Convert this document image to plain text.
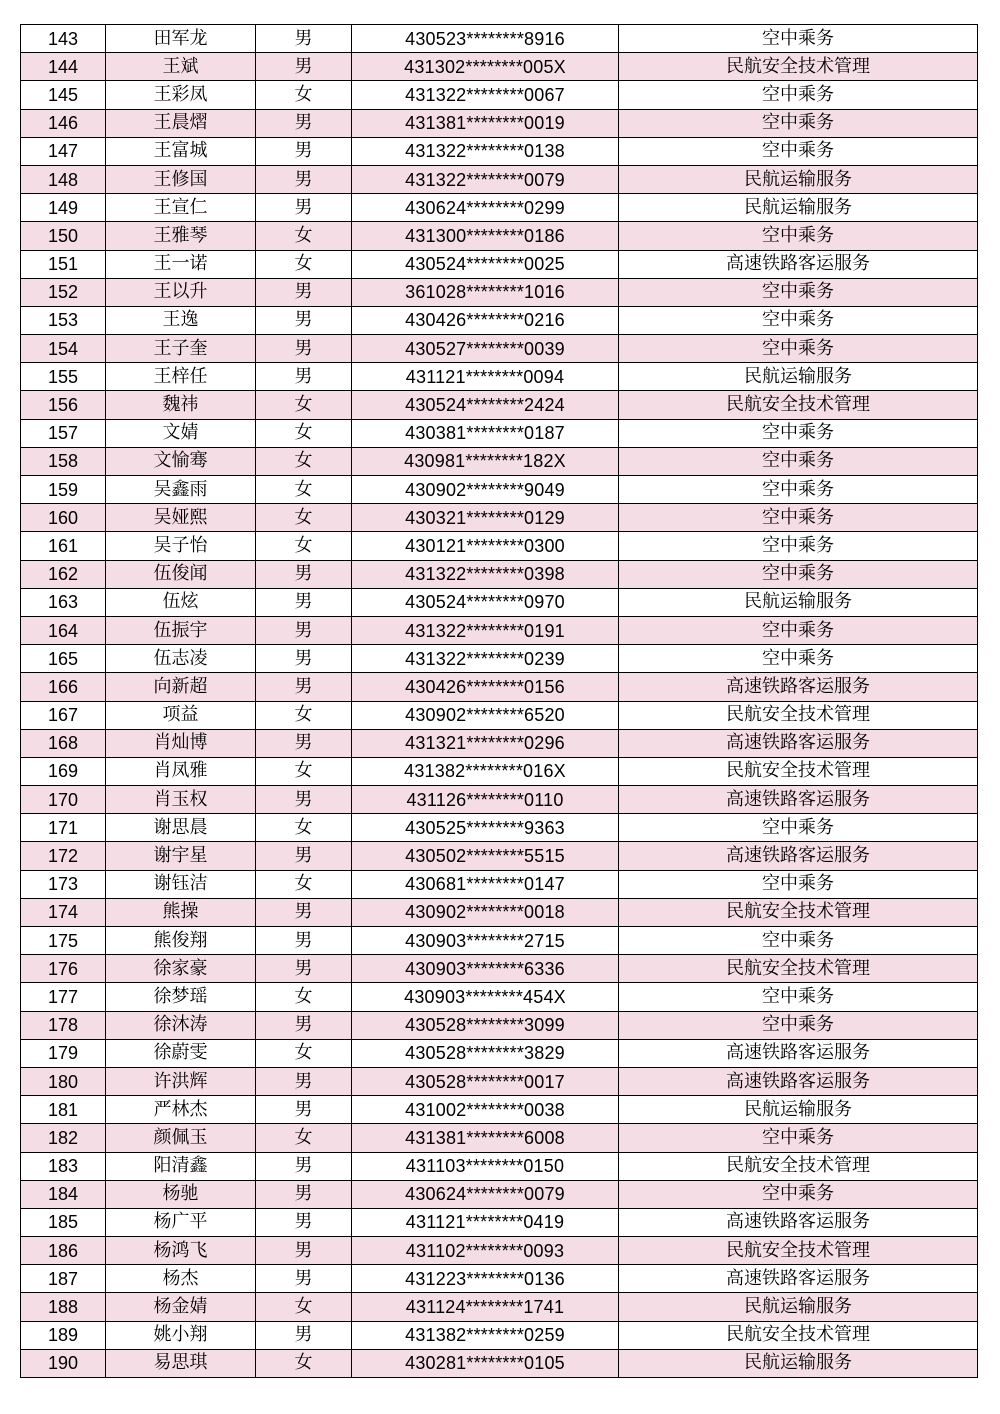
143	田军龙	男	430523********8916	空中乘务
144	王斌	男	431302********005X	民航安全技术管理
145	王彩凤	女	431322********0067	空中乘务
146	王晨熠	男	431381********0019	空中乘务
147	王富城	男	431322********0138	空中乘务
148	王修国	男	431322********0079	民航运输服务
149	王宣仁	男	430624********0299	民航运输服务
150	王雅琴	女	431300********0186	空中乘务
151	王一诺	女	430524********0025	高速铁路客运服务
152	王以升	男	361028********1016	空中乘务
153	王逸	男	430426********0216	空中乘务
154	王子奎	男	430527********0039	空中乘务
155	王梓任	男	431121********0094	民航运输服务
156	魏祎	女	430524********2424	民航安全技术管理
157	文婧	女	430381********0187	空中乘务
158	文愉骞	女	430981********182X	空中乘务
159	吴鑫雨	女	430902********9049	空中乘务
160	吴娅熙	女	430321********0129	空中乘务
161	吴子怡	女	430121********0300	空中乘务
162	伍俊闻	男	431322********0398	空中乘务
163	伍炫	男	430524********0970	民航运输服务
164	伍振宇	男	431322********0191	空中乘务
165	伍志凌	男	431322********0239	空中乘务
166	向新超	男	430426********0156	高速铁路客运服务
167	项益	女	430902********6520	民航安全技术管理
168	肖灿博	男	431321********0296	高速铁路客运服务
169	肖凤雅	女	431382********016X	民航安全技术管理
170	肖玉权	男	431126********0110	高速铁路客运服务
171	谢思晨	女	430525********9363	空中乘务
172	谢宇星	男	430502********5515	高速铁路客运服务
173	谢钰洁	女	430681********0147	空中乘务
174	熊操	男	430902********0018	民航安全技术管理
175	熊俊翔	男	430903********2715	空中乘务
176	徐家豪	男	430903********6336	民航安全技术管理
177	徐梦瑶	女	430903********454X	空中乘务
178	徐沐涛	男	430528********3099	空中乘务
179	徐蔚雯	女	430528********3829	高速铁路客运服务
180	许洪辉	男	430528********0017	高速铁路客运服务
181	严林杰	男	431002********0038	民航运输服务
182	颜佩玉	女	431381********6008	空中乘务
183	阳清鑫	男	431103********0150	民航安全技术管理
184	杨驰	男	430624********0079	空中乘务
185	杨广平	男	431121********0419	高速铁路客运服务
186	杨鸿飞	男	431102********0093	民航安全技术管理
187	杨杰	男	431223********0136	高速铁路客运服务
188	杨金婧	女	431124********1741	民航运输服务
189	姚小翔	男	431382********0259	民航安全技术管理
190	易思琪	女	430281********0105	民航运输服务
